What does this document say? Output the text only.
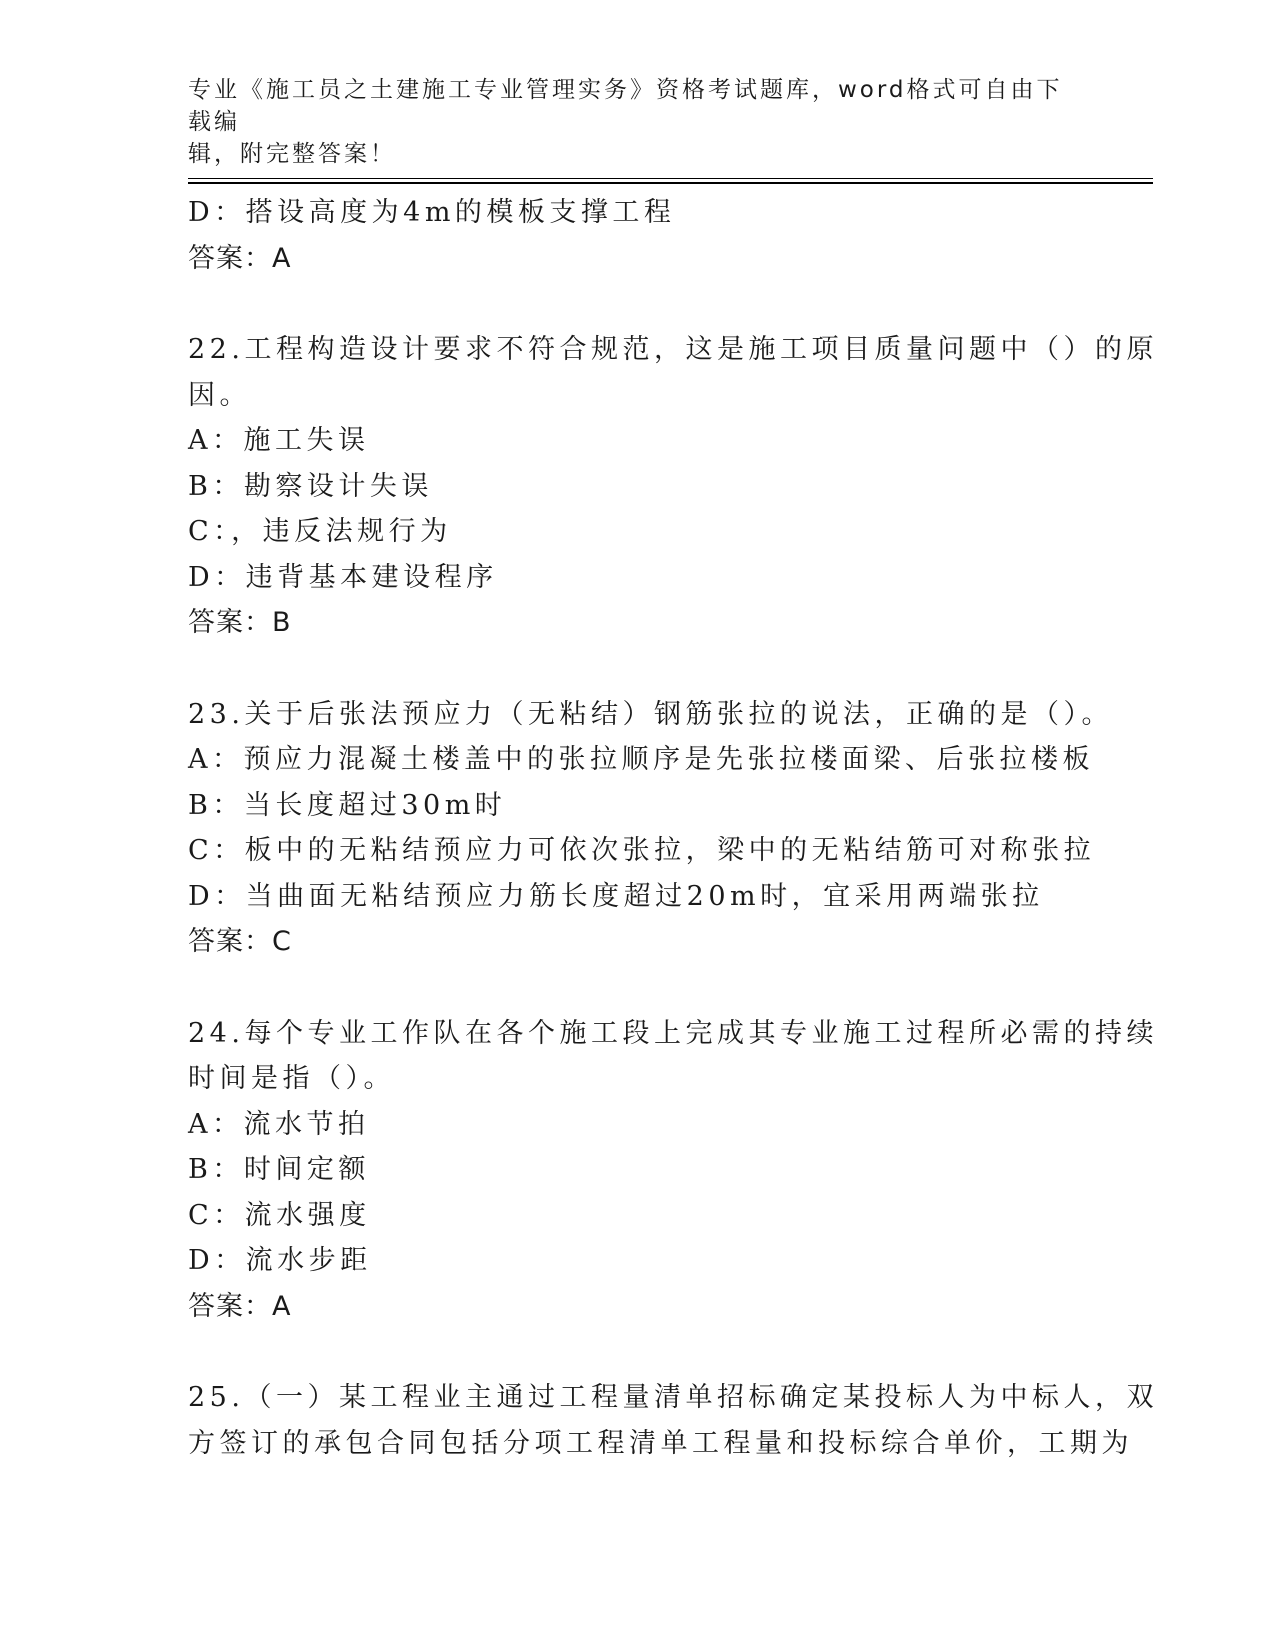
专业《施工员之土建施工专业管理实务》资格考试题库，word格式可自由下载编
辑，附完整答案！
D：搭设高度为4m的模板支撑工程
答案：A
22.工程构造设计要求不符合规范，这是施工项目质量问题中（）的原
因。
A：施工失误
B：勘察设计失误
C：，违反法规行为
D：违背基本建设程序
答案：B
23.关于后张法预应力（无粘结）钢筋张拉的说法，正确的是（）。
A：预应力混凝土楼盖中的张拉顺序是先张拉楼面梁、后张拉楼板
B：当长度超过30m时
C：板中的无粘结预应力可依次张拉，梁中的无粘结筋可对称张拉
D：当曲面无粘结预应力筋长度超过20m时，宜采用两端张拉
答案：C
24.每个专业工作队在各个施工段上完成其专业施工过程所必需的持续
时间是指（）。
A：流水节拍
B：时间定额
C：流水强度
D：流水步距
答案：A
25.（一）某工程业主通过工程量清单招标确定某投标人为中标人，双
方签订的承包合同包括分项工程清单工程量和投标综合单价，工期为
